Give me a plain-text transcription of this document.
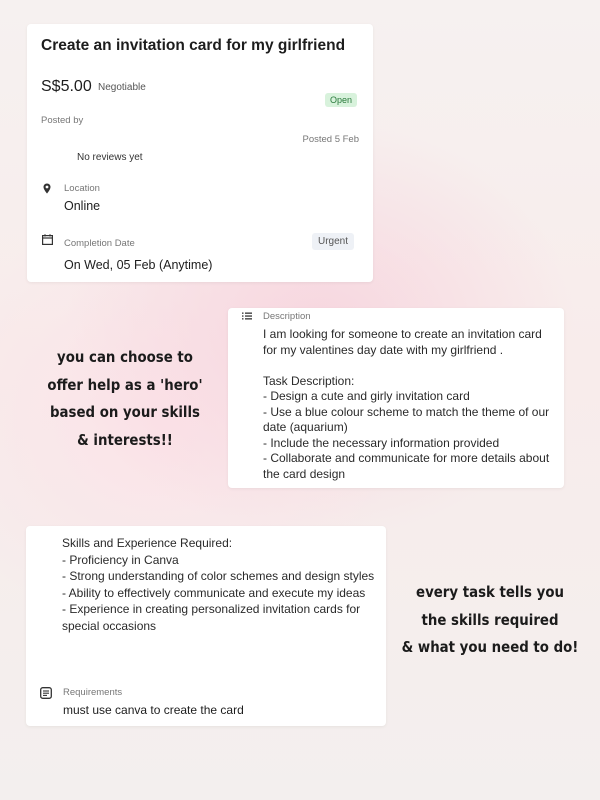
Create an invitation card for my girlfriend
S$5.00 Negotiable
Open
Posted by
Posted 5 Feb
No reviews yet
Location
Online
Completion Date	Urgent
On Wed, 05 Feb (Anytime)
Description
I am looking for someone to create an invitation card for my valentines day date with my girlfriend .

Task Description:
- Design a cute and girly invitation card
- Use a blue colour scheme to match the theme of our date (aquarium)
- Include the necessary information provided
- Collaborate and communicate for more details about the card design
Skills and Experience Required:
- Proficiency in Canva
- Strong understanding of color schemes and design styles
- Ability to effectively communicate and execute my ideas
- Experience in creating personalized invitation cards for special occasions
Requirements
must use canva to create the card
you can choose to
offer help as a 'hero'
based on your skills
& interests!!
every task tells you
the skills required
& what you need to do!
